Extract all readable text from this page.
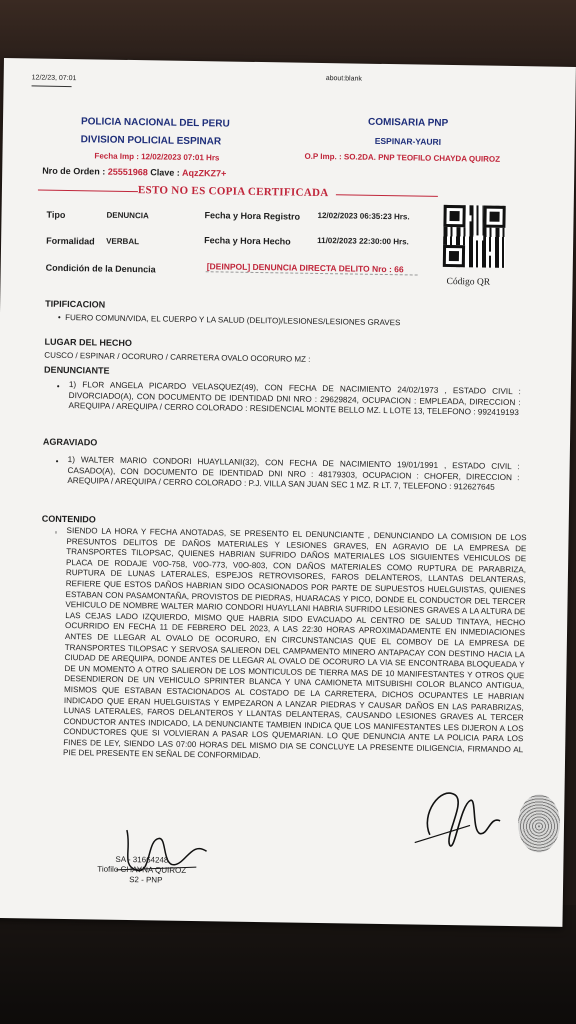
12/2/23, 07:01	about:blank
POLICIA NACIONAL DEL PERU
DIVISION POLICIAL ESPINAR
Fecha Imp : 12/02/2023 07:01 Hrs
Nro de Orden : 25551968 Clave : AqzZKZ7+
COMISARIA PNP
ESPINAR-YAURI
O.P Imp. : SO.2DA. PNP TEOFILO CHAYDA QUIROZ
ESTO NO ES COPIA CERTIFICADA
Tipo	DENUNCIA	Fecha y Hora Registro 12/02/2023 06:35:23 Hrs.
Formalidad VERBAL	Fecha y Hora Hecho	11/02/2023 22:30:00 Hrs.
Condición de la Denuncia	[DEINPOL] DENUNCIA DIRECTA DELITO Nro : 66
Código QR
TIPIFICACION
•  FUERO COMUN/VIDA, EL CUERPO Y LA SALUD (DELITO)/LESIONES/LESIONES GRAVES
LUGAR DEL HECHO
CUSCO / ESPINAR / OCORURO / CARRETERA OVALO OCORURO MZ :
DENUNCIANTE
• 1) FLOR ANGELA PICARDO VELASQUEZ(49), CON FECHA DE NACIMIENTO 24/02/1973 , ESTADO CIVIL : DIVORCIADO(A), CON DOCUMENTO DE IDENTIDAD DNI NRO : 29629824, OCUPACION : EMPLEADA, DIRECCION : AREQUIPA / AREQUIPA / CERRO COLORADO : RESIDENCIAL MONTE BELLO MZ. L LOTE 13, TELEFONO : 992419193
AGRAVIADO
• 1) WALTER MARIO CONDORI HUAYLLANI(32), CON FECHA DE NACIMIENTO 19/01/1991 , ESTADO CIVIL : CASADO(A), CON DOCUMENTO DE IDENTIDAD DNI NRO : 48179303, OCUPACION : CHOFER, DIRECCION : AREQUIPA / AREQUIPA / CERRO COLORADO : P.J. VILLA SAN JUAN SEC 1 MZ. R LT. 7, TELEFONO : 912627645
CONTENIDO
◦	SIENDO LA HORA Y FECHA ANOTADAS, SE PRESENTO EL DENUNCIANTE , DENUNCIANDO LA COMISION DE LOS PRESUNTOS DELITOS DE DAÑOS MATERIALES Y LESIONES GRAVES, EN AGRAVIO DE LA EMPRESA DE TRANSPORTES TILOPSAC, QUIENES HABRIAN SUFRIDO DAÑOS MATERIALES LOS SIGUIENTES VEHICULOS DE PLACA DE RODAJE V0O-758, V0O-773, V0O-803, CON DAÑOS MATERIALES COMO RUPTURA DE PARABRIZA, RUPTURA DE LUNAS LATERALES, ESPEJOS RETROVISORES, FAROS DELANTEROS, LLANTAS DELANTERAS, REFIERE QUE ESTOS DAÑOS HABRIAN SIDO OCASIONADOS POR PARTE DE SUPUESTOS HUELGUISTAS, QUIENES ESTABAN CON PASAMONTAÑA, PROVISTOS DE PIEDRAS, HUARACAS Y PICO, DONDE EL CONDUCTOR DEL TERCER VEHICULO DE NOMBRE WALTER MARIO CONDORI HUAYLLANI HABRIA SUFRIDO LESIONES GRAVES A LA ALTURA DE LAS CEJAS LADO IZQUIERDO, MISMO QUE HABRIA SIDO EVACUADO AL CENTRO DE SALUD TINTAYA, HECHO OCURRIDO EN FECHA 11 DE FEBRERO DEL 2023, A LAS 22:30 HORAS APROXIMADAMENTE EN INMEDIACIONES ANTES DE LLEGAR AL OVALO DE OCORURO, EN CIRCUNSTANCIAS QUE EL COMBOY DE LA EMPRESA DE TRANSPORTES TILOPSAC Y SERVOSA SALIERON DEL CAMPAMENTO MINERO ANTAPACAY CON DESTINO HACIA LA CIUDAD DE AREQUIPA, DONDE ANTES DE LLEGAR AL OVALO DE OCORURO LA VIA SE ENCONTRABA BLOQUEADA Y DE UN MOMENTO A OTRO SALIERON DE LOS MONTICULOS DE TIERRA MAS DE 10 MANIFESTANTES Y OTROS QUE DESENDIERON DE UN VEHICULO SPRINTER BLANCA Y UNA CAMIONETA MITSUBISHI COLOR BLANCO ANTIGUA, MISMOS QUE ESTABAN ESTACIONADOS AL COSTADO DE LA CARRETERA, DICHOS OCUPANTES LE HABRIAN INDICADO QUE ERAN HUELGUISTAS Y EMPEZARON A LANZAR PIEDRAS Y CAUSAR DAÑOS EN LAS PARABRIZAS, LUNAS LATERALES, FAROS DELANTEROS Y LLANTAS DELANTERAS, CAUSANDO LESIONES GRAVES AL TERCER CONDUCTOR ANTES INDICADO, LA DENUNCIANTE TAMBIEN INDICA QUE LOS MANIFESTANTES LES DIJERON A LOS CONDUCTORES QUE SI VOLVIERAN A PASAR LOS QUEMARIAN. LO QUE DENUNCIA ANTE LA POLICIA PARA LOS FINES DE LEY, SIENDO LAS 07:00 HORAS DEL MISMO DIA SE CONCLUYE LA PRESENTE DILIGENCIA, FIRMANDO AL PIE DEL PRESENTE EN SEÑAL DE CONFORMIDAD.
SA - 31664248
Tiofilo CHAYNA QUIROZ
S2 - PNP
